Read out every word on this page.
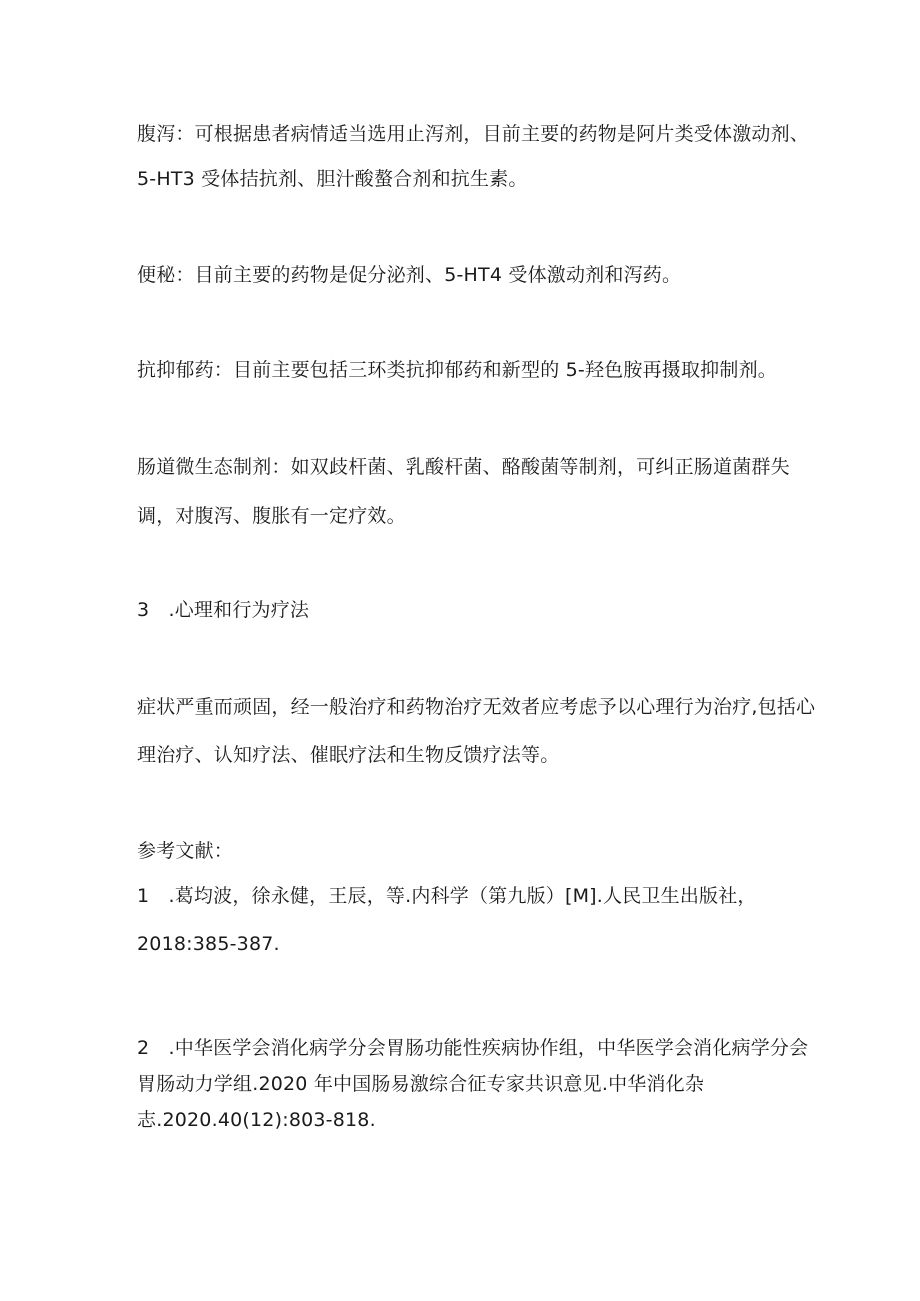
腹泻：可根据患者病情适当选用止泻剂，目前主要的药物是阿片类受体激动剂、
5-HT3 受体拮抗剂、胆汁酸螯合剂和抗生素。
便秘：目前主要的药物是促分泌剂、5-HT4 受体激动剂和泻药。
抗抑郁药：目前主要包括三环类抗抑郁药和新型的 5-羟色胺再摄取抑制剂。
肠道微生态制剂：如双歧杆菌、乳酸杆菌、酪酸菌等制剂，可纠正肠道菌群失
调，对腹泻、腹胀有一定疗效。
3　.心理和行为疗法
症状严重而顽固，经一般治疗和药物治疗无效者应考虑予以心理行为治疗,包括心
理治疗、认知疗法、催眠疗法和生物反馈疗法等。
参考文献：
1　.葛均波，徐永健，王辰，等.内科学（第九版）[M].人民卫生出版社，
2018:385-387.
2　.中华医学会消化病学分会胃肠功能性疾病协作组，中华医学会消化病学分会
胃肠动力学组.2020 年中国肠易激综合征专家共识意见.中华消化杂
志.2020.40(12):803-818.
